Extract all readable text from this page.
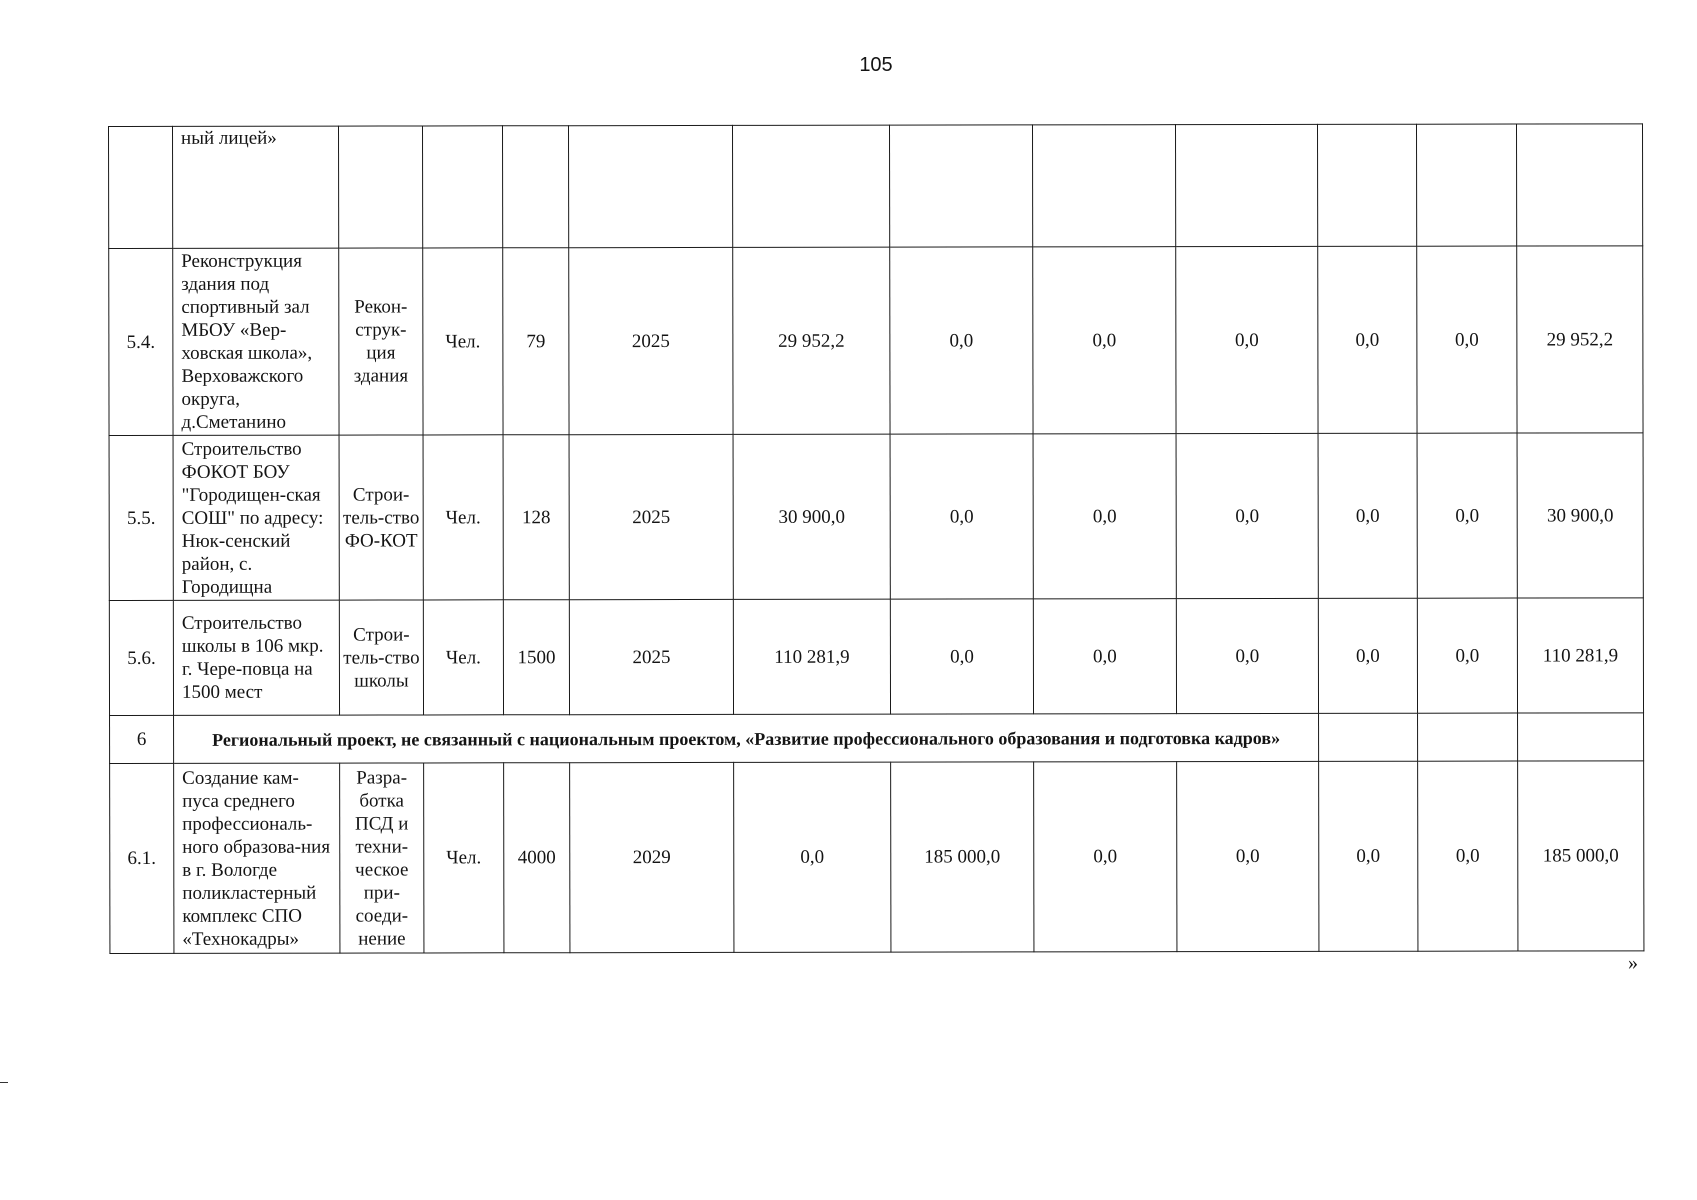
105
	ный лицей»											
5.4.	Реконструкция здания под спортивный зал МБОУ «Вер-ховская школа», Верховажского округа, д.Сметанино	Рекон-струк-ция здания	Чел.	79	2025	29 952,2	0,0	0,0	0,0	0,0	0,0	29 952,2
5.5.	Строительство ФОКОТ БОУ "Городищен-ская СОШ" по адресу: Нюк-сенский район, с. Городищна	Строи-тель-ство ФО-КОТ	Чел.	128	2025	30 900,0	0,0	0,0	0,0	0,0	0,0	30 900,0
5.6.	Строительство школы в 106 мкр. г. Чере-повца на 1500 мест	Строи-тель-ство школы	Чел.	1500	2025	110 281,9	0,0	0,0	0,0	0,0	0,0	110 281,9
6	Региональный проект, не связанный с национальным проектом, «Развитие профессионального образования и подготовка кадров»											
6.1.	Создание кам-пуса среднего профессиональ-ного образова-ния в г. Вологде поликластерный комплекс СПО «Технокадры»	Разра-ботка ПСД и техни-ческое при-соеди-нение	Чел.	4000	2029	0,0	185 000,0	0,0	0,0	0,0	0,0	185 000,0
»
